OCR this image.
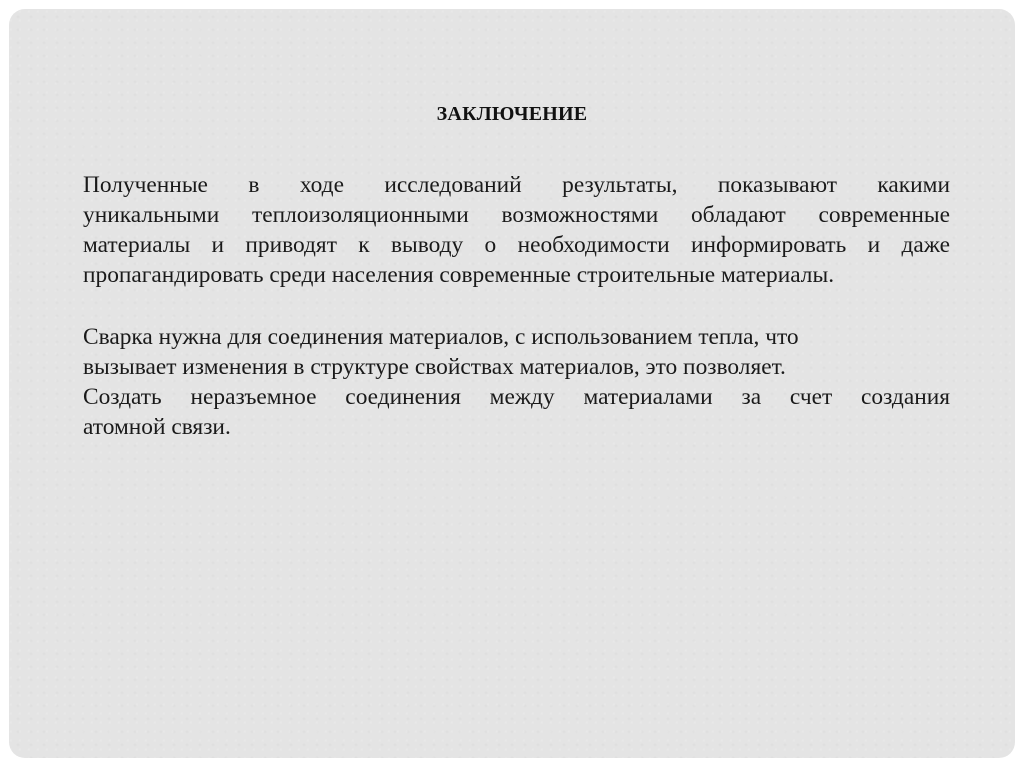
ЗАКЛЮЧЕНИЕ
Полученные в ходе исследований результаты, показывают какими
уникальными теплоизоляционными возможностями обладают современные
материалы и приводят к выводу о необходимости информировать и даже
пропагандировать среди населения современные строительные материалы.
Сварка нужна для соединения материалов, с использованием тепла, что
вызывает изменения в структуре свойствах материалов, это позволяет.
Создать неразъемное соединения между материалами за счет создания
атомной связи.
